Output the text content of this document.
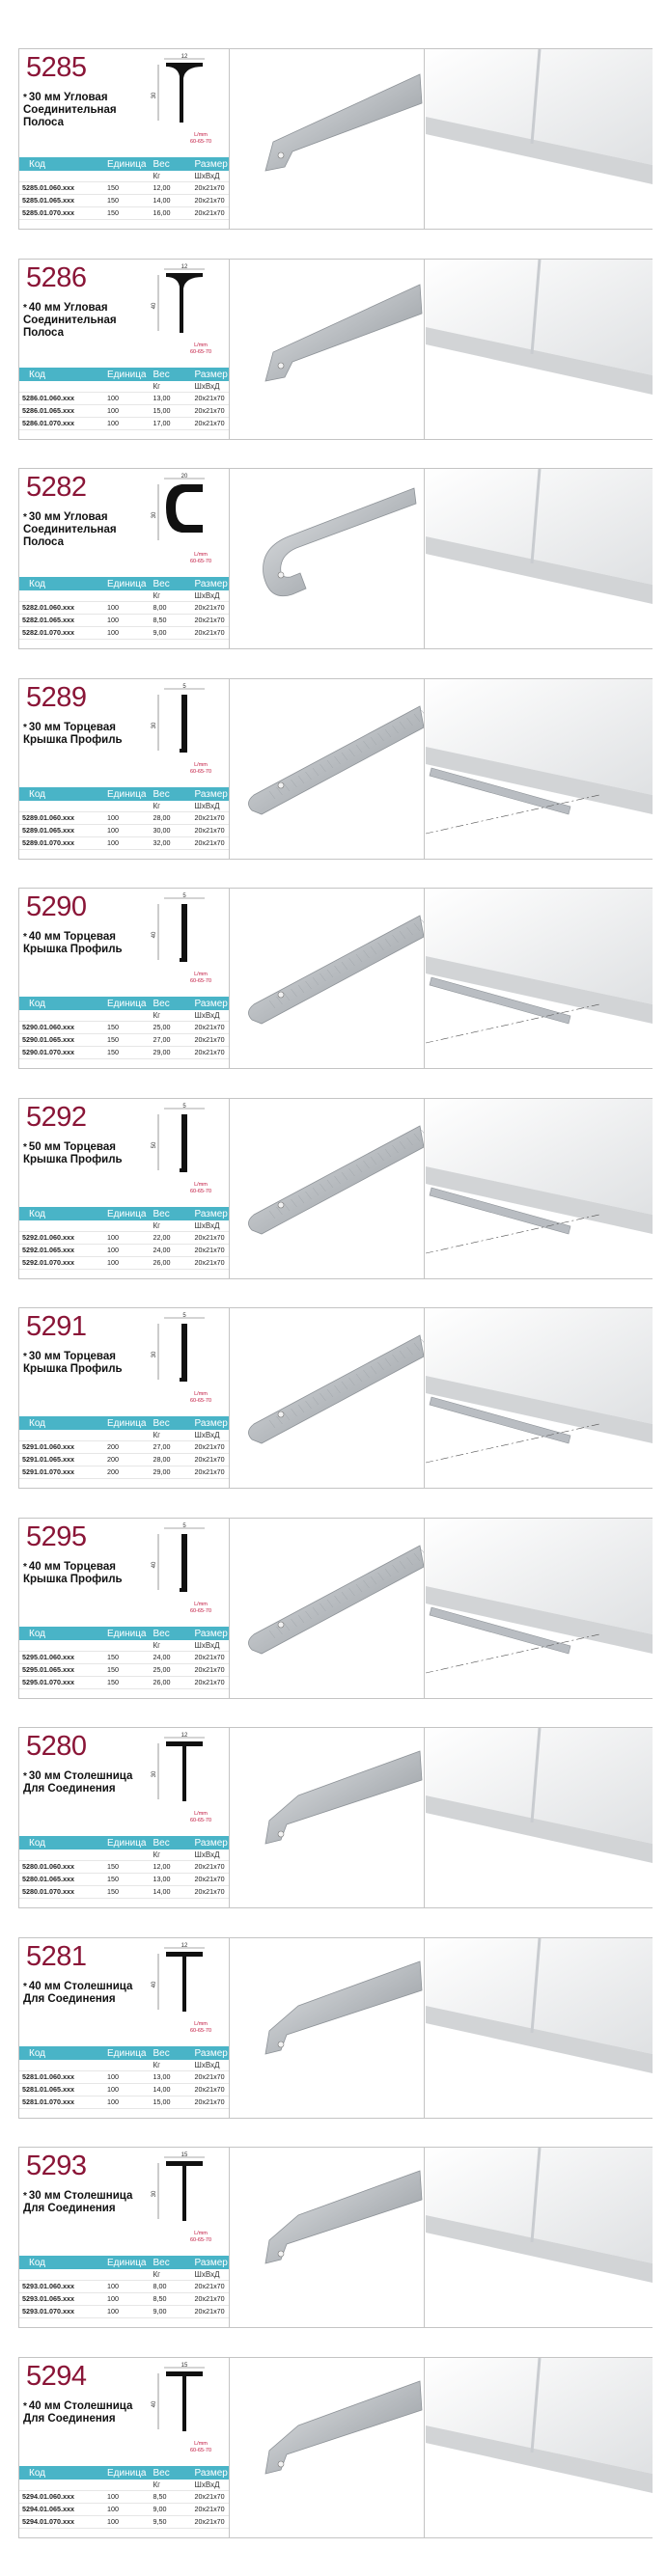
5285
* 30 мм Угловая Соединительная Полоса
12
30
L/mm
60-65-70
Код	Единица	Вес	Размер
		Кг	ШхВхД
5285.01.060.xxx	150	12,00	20x21x70
5285.01.065.xxx	150	14,00	20x21x70
5285.01.070.xxx	150	16,00	20x21x70
5286
* 40 мм Угловая Соединительная Полоса
12
40
L/mm
60-65-70
Код	Единица	Вес	Размер
		Кг	ШхВхД
5286.01.060.xxx	100	13,00	20x21x70
5286.01.065.xxx	100	15,00	20x21x70
5286.01.070.xxx	100	17,00	20x21x70
5282
* 30 мм Угловая Соединительная Полоса
20
30
L/mm
60-65-70
Код	Единица	Вес	Размер
		Кг	ШхВхД
5282.01.060.xxx	100	8,00	20x21x70
5282.01.065.xxx	100	8,50	20x21x70
5282.01.070.xxx	100	9,00	20x21x70
5289
* 30 мм Торцевая Крышка Профиль
5
30
L/mm
60-65-70
Код	Единица	Вес	Размер
		Кг	ШхВхД
5289.01.060.xxx	100	28,00	20x21x70
5289.01.065.xxx	100	30,00	20x21x70
5289.01.070.xxx	100	32,00	20x21x70
5290
* 40 мм Торцевая Крышка Профиль
5
40
L/mm
60-65-70
Код	Единица	Вес	Размер
		Кг	ШхВхД
5290.01.060.xxx	150	25,00	20x21x70
5290.01.065.xxx	150	27,00	20x21x70
5290.01.070.xxx	150	29,00	20x21x70
5292
* 50 мм Торцевая Крышка Профиль
5
50
L/mm
60-65-70
Код	Единица	Вес	Размер
		Кг	ШхВхД
5292.01.060.xxx	100	22,00	20x21x70
5292.01.065.xxx	100	24,00	20x21x70
5292.01.070.xxx	100	26,00	20x21x70
5291
* 30 мм Торцевая Крышка Профиль
5
30
L/mm
60-65-70
Код	Единица	Вес	Размер
		Кг	ШхВхД
5291.01.060.xxx	200	27,00	20x21x70
5291.01.065.xxx	200	28,00	20x21x70
5291.01.070.xxx	200	29,00	20x21x70
5295
* 40 мм Торцевая Крышка Профиль
5
40
L/mm
60-65-70
Код	Единица	Вес	Размер
		Кг	ШхВхД
5295.01.060.xxx	150	24,00	20x21x70
5295.01.065.xxx	150	25,00	20x21x70
5295.01.070.xxx	150	26,00	20x21x70
5280
* 30 мм Столешница Для Соединения
12
30
L/mm
60-65-70
Код	Единица	Вес	Размер
		Кг	ШхВхД
5280.01.060.xxx	150	12,00	20x21x70
5280.01.065.xxx	150	13,00	20x21x70
5280.01.070.xxx	150	14,00	20x21x70
5281
* 40 мм Столешница Для Соединения
12
40
L/mm
60-65-70
Код	Единица	Вес	Размер
		Кг	ШхВхД
5281.01.060.xxx	100	13,00	20x21x70
5281.01.065.xxx	100	14,00	20x21x70
5281.01.070.xxx	100	15,00	20x21x70
5293
* 30 мм Столешница Для Соединения
15
30
L/mm
60-65-70
Код	Единица	Вес	Размер
		Кг	ШхВхД
5293.01.060.xxx	100	8,00	20x21x70
5293.01.065.xxx	100	8,50	20x21x70
5293.01.070.xxx	100	9,00	20x21x70
5294
* 40 мм Столешница Для Соединения
15
40
L/mm
60-65-70
Код	Единица	Вес	Размер
		Кг	ШхВхД
5294.01.060.xxx	100	8,50	20x21x70
5294.01.065.xxx	100	9,00	20x21x70
5294.01.070.xxx	100	9,50	20x21x70
